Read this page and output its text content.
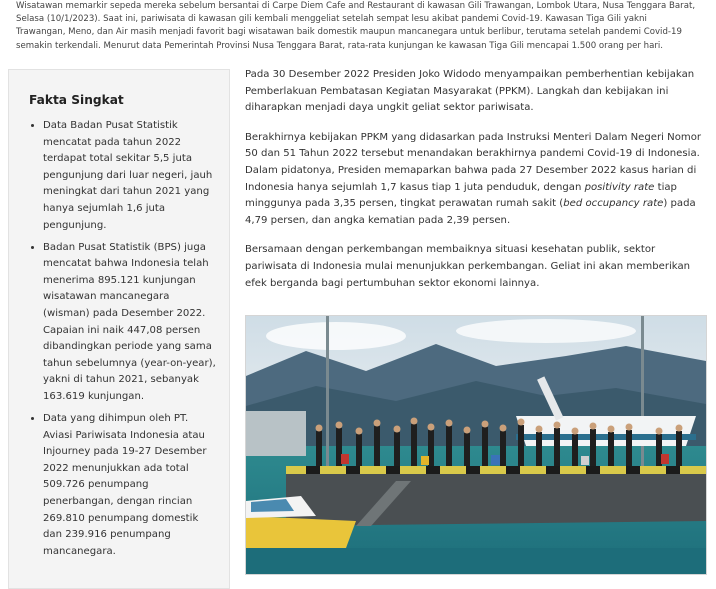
Wisatawan memarkir sepeda mereka sebelum bersantai di Carpe Diem Cafe and Restaurant di kawasan Gili Trawangan, Lombok Utara, Nusa Tenggara Barat, Selasa (10/1/2023). Saat ini, pariwisata di kawasan gili kembali menggeliat setelah sempat lesu akibat pandemi Covid-19. Kawasan Tiga Gili yakni Trawangan, Meno, dan Air masih menjadi favorit bagi wisatawan baik domestik maupun mancanegara untuk berlibur, terutama setelah pandemi Covid-19 semakin terkendali. Menurut data Pemerintah Provinsi Nusa Tenggara Barat, rata-rata kunjungan ke kawasan Tiga Gili mencapai 1.500 orang per hari.
Fakta Singkat
• Data Badan Pusat Statistik mencatat pada tahun 2022 terdapat total sekitar 5,5 juta pengunjung dari luar negeri, jauh meningkat dari tahun 2021 yang hanya sejumlah 1,6 juta pengunjung.
• Badan Pusat Statistik (BPS) juga mencatat bahwa Indonesia telah menerima 895.121 kunjungan wisatawan mancanegara (wisman) pada Desember 2022. Capaian ini naik 447,08 persen dibandingkan periode yang sama tahun sebelumnya (year-on-year), yakni di tahun 2021, sebanyak 163.619 kunjungan.
• Data yang dihimpun oleh PT. Aviasi Pariwisata Indonesia atau Injourney pada 19-27 Desember 2022 menunjukkan ada total 509.726 penumpang penerbangan, dengan rincian 269.810 penumpang domestik dan 239.916 penumpang mancanegara.

Pada 30 Desember 2022 Presiden Joko Widodo menyampaikan pemberhentian kebijakan Pemberlakuan Pembatasan Kegiatan Masyarakat (PPKM). Langkah dan kebijakan ini diharapkan menjadi daya ungkit geliat sektor pariwisata.

Berakhirnya kebijakan PPKM yang didasarkan pada Instruksi Menteri Dalam Negeri Nomor 50 dan 51 Tahun 2022 tersebut menandakan berakhirnya pandemi Covid-19 di Indonesia. Dalam pidatonya, Presiden memaparkan bahwa pada 27 Desember 2022 kasus harian di Indonesia hanya sejumlah 1,7 kasus tiap 1 juta penduduk, dengan positivity rate tiap minggunya pada 3,35 persen, tingkat perawatan rumah sakit (bed occupancy rate) pada 4,79 persen, dan angka kematian pada 2,39 persen.

Bersamaan dengan perkembangan membaiknya situasi kesehatan publik, sektor pariwisata di Indonesia mulai menunjukkan perkembangan. Geliat ini akan memberikan efek berganda bagi pertumbuhan sektor ekonomi lainnya.
